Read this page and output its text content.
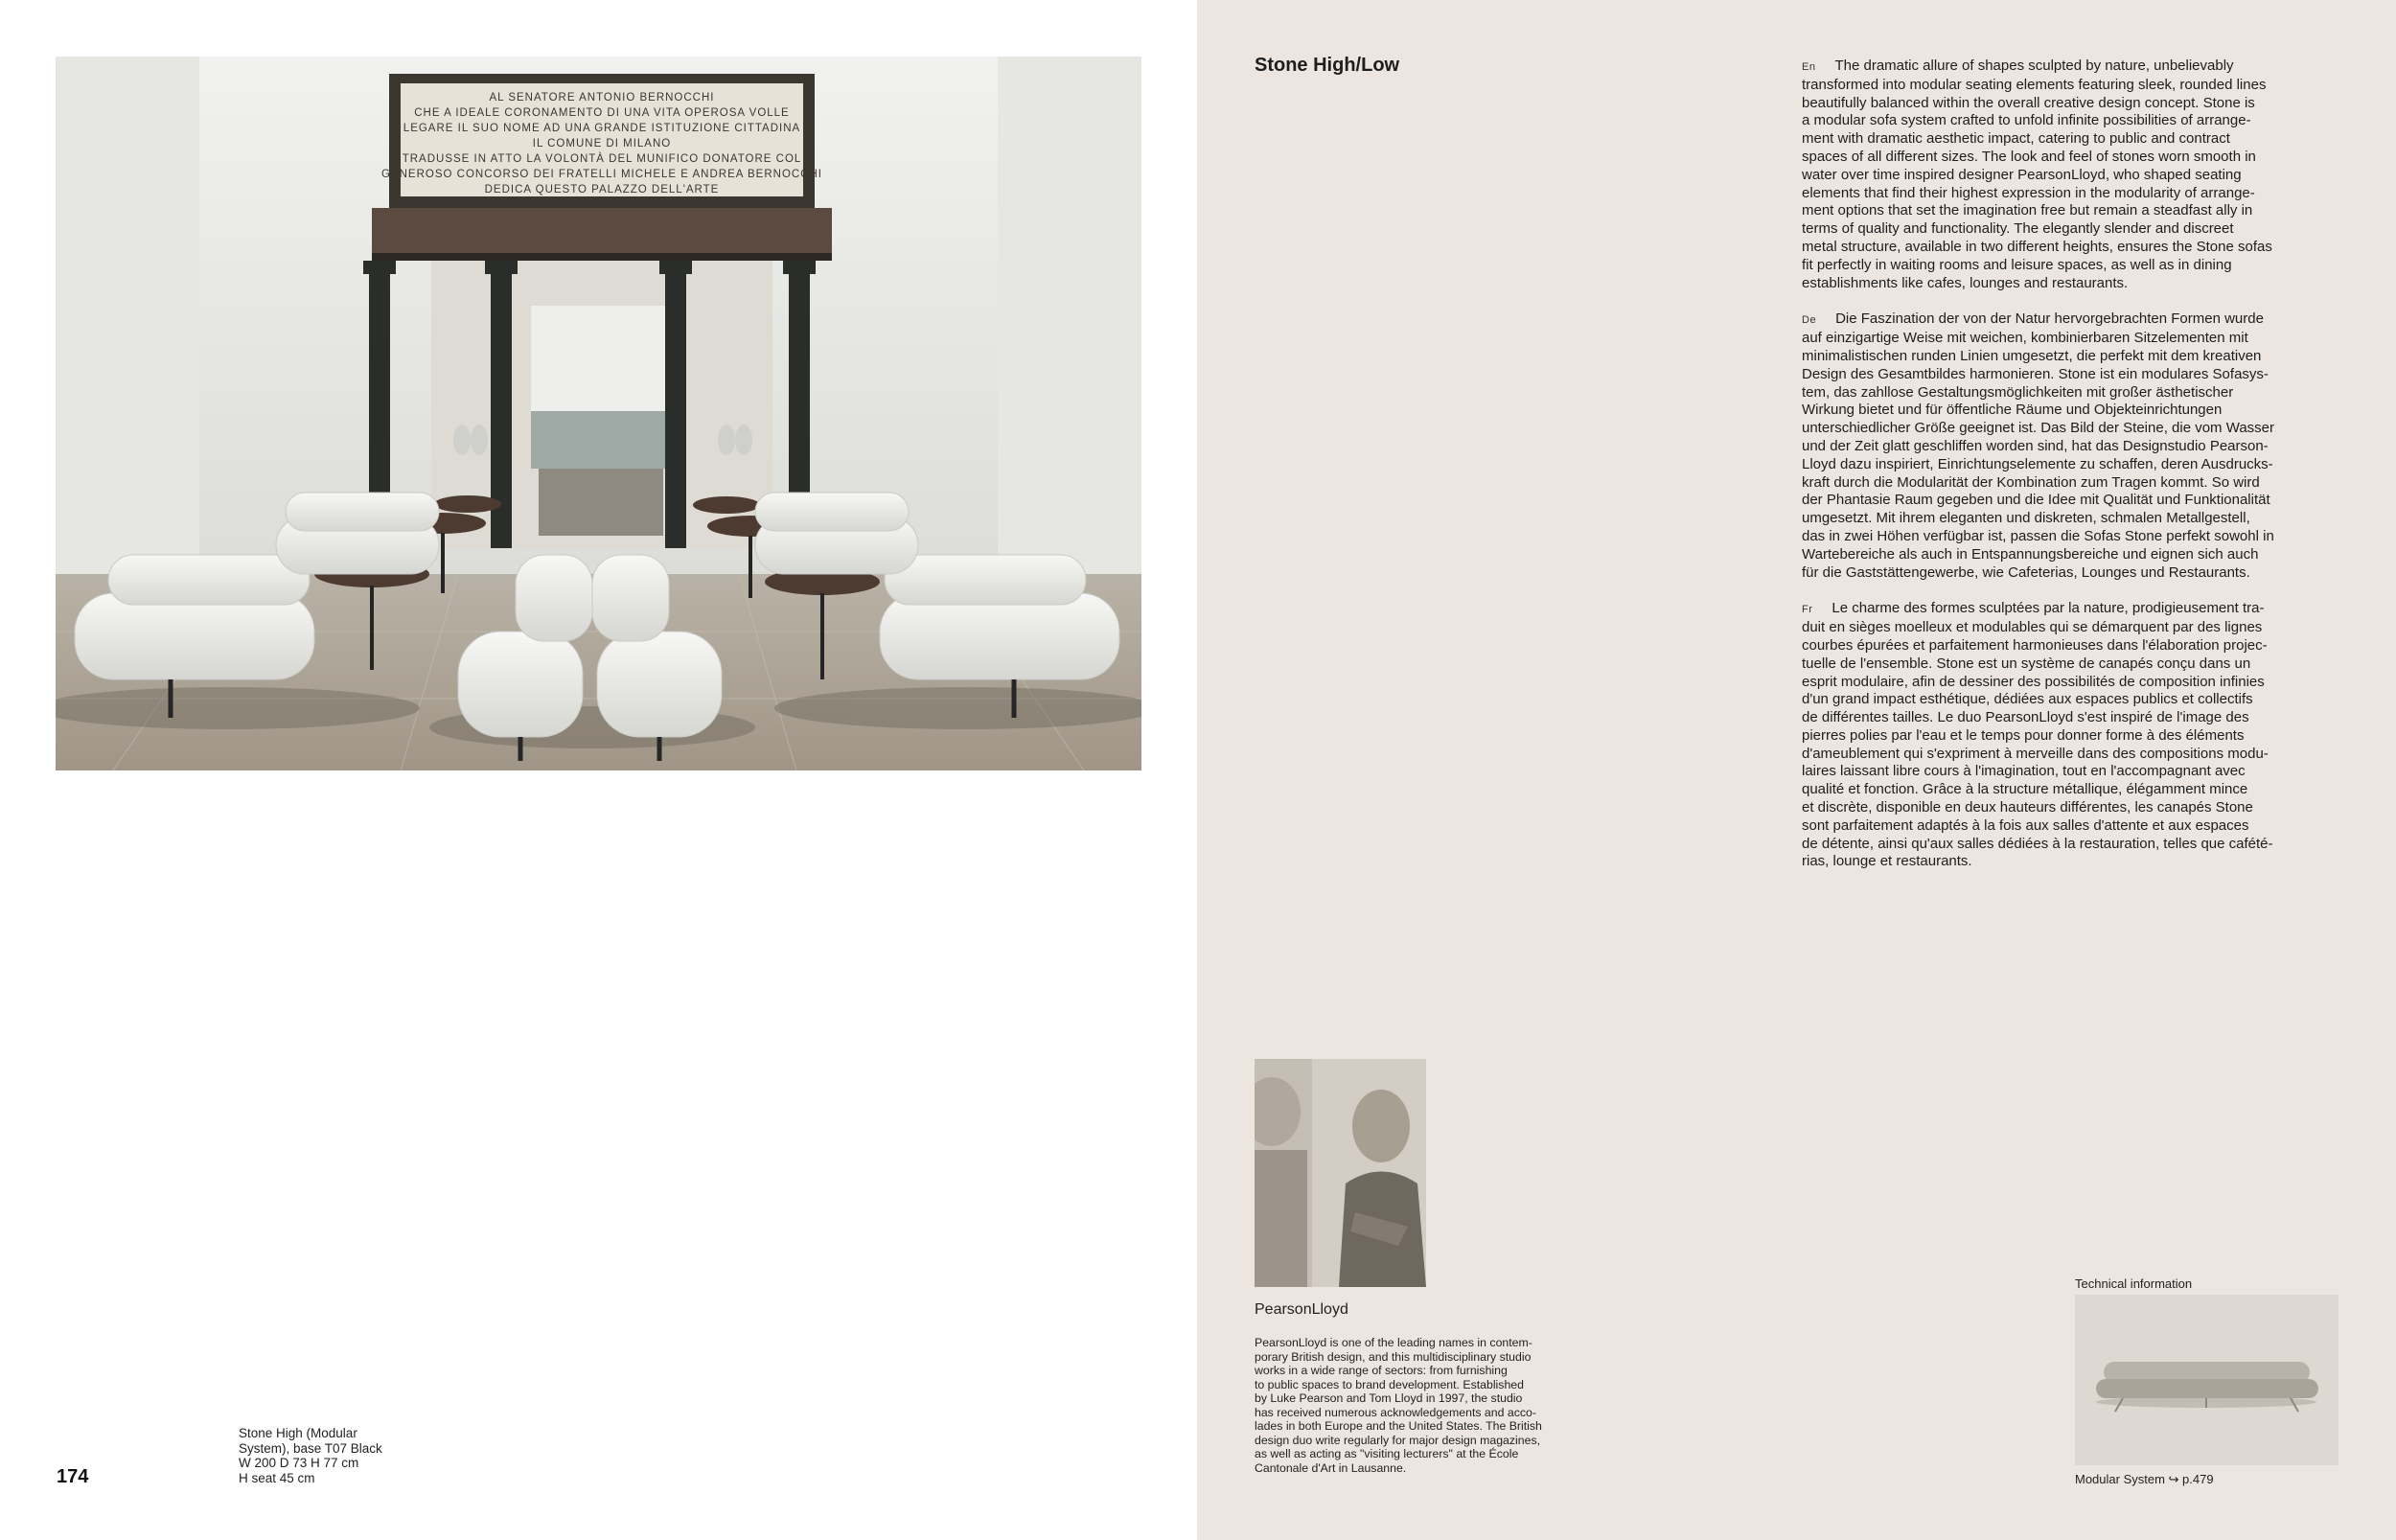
AL SENATORE ANTONIO BERNOCCHI
CHE A IDEALE CORONAMENTO DI UNA VITA OPEROSA VOLLE
LEGARE IL SUO NOME AD UNA GRANDE ISTITUZIONE CITTADINA
IL COMUNE DI MILANO
TRADUSSE IN ATTO LA VOLONTÀ DEL MUNIFICO DONATORE COL
GENEROSO CONCORSO DEI FRATELLI MICHELE E ANDREA BERNOCCHI
DEDICA QUESTO PALAZZO DELL'ARTE
Stone High (Modular
System), base T07 Black
W 200 D 73 H 77 cm
H seat 45 cm
174
Stone High/Low	En The dramatic allure of shapes sculpted by nature, unbelievably
transformed into modular seating elements featuring sleek, rounded lines
beautifully balanced within the overall creative design concept. Stone is
a modular sofa system crafted to unfold infinite possibilities of arrange-
ment with dramatic aesthetic impact, catering to public and contract
spaces of all different sizes. The look and feel of stones worn smooth in
water over time inspired designer PearsonLloyd, who shaped seating
elements that find their highest expression in the modularity of arrange-
ment options that set the imagination free but remain a steadfast ally in
terms of quality and functionality. The elegantly slender and discreet
metal structure, available in two different heights, ensures the Stone sofas
fit perfectly in waiting rooms and leisure spaces, as well as in dining
establishments like cafes, lounges and restaurants.

De Die Faszination der von der Natur hervorgebrachten Formen wurde
auf einzigartige Weise mit weichen, kombinierbaren Sitzelementen mit
minimalistischen runden Linien umgesetzt, die perfekt mit dem kreativen
Design des Gesamtbildes harmonieren. Stone ist ein modulares Sofasys-
tem, das zahllose Gestaltungsmöglichkeiten mit großer ästhetischer
Wirkung bietet und für öffentliche Räume und Objekteinrichtungen
unterschiedlicher Größe geeignet ist. Das Bild der Steine, die vom Wasser
und der Zeit glatt geschliffen worden sind, hat das Designstudio Pearson-
Lloyd dazu inspiriert, Einrichtungselemente zu schaffen, deren Ausdrucks-
kraft durch die Modularität der Kombination zum Tragen kommt. So wird
der Phantasie Raum gegeben und die Idee mit Qualität und Funktionalität
umgesetzt. Mit ihrem eleganten und diskreten, schmalen Metallgestell,
das in zwei Höhen verfügbar ist, passen die Sofas Stone perfekt sowohl in
Wartebereiche als auch in Entspannungsbereiche und eignen sich auch
für die Gaststättengewerbe, wie Cafeterias, Lounges und Restaurants.

Fr Le charme des formes sculptées par la nature, prodigieusement tra-
duit en sièges moelleux et modulables qui se démarquent par des lignes
courbes épurées et parfaitement harmonieuses dans l'élaboration projec-
tuelle de l'ensemble. Stone est un système de canapés conçu dans un
esprit modulaire, afin de dessiner des possibilités de composition infinies
d'un grand impact esthétique, dédiées aux espaces publics et collectifs
de différentes tailles. Le duo PearsonLloyd s'est inspiré de l'image des
pierres polies par l'eau et le temps pour donner forme à des éléments
d'ameublement qui s'expriment à merveille dans des compositions modu-
laires laissant libre cours à l'imagination, tout en l'accompagnant avec
qualité et fonction. Grâce à la structure métallique, élégamment mince
et discrète, disponible en deux hauteurs différentes, les canapés Stone
sont parfaitement adaptés à la fois aux salles d'attente et aux espaces
de détente, ainsi qu'aux salles dédiées à la restauration, telles que cafété-
rias, lounge et restaurants.

PearsonLloyd
PearsonLloyd is one of the leading names in contem-
porary British design, and this multidisciplinary studio
works in a wide range of sectors: from furnishing
to public spaces to brand development. Established
by Luke Pearson and Tom Lloyd in 1997, the studio
has received numerous acknowledgements and acco-
lades in both Europe and the United States. The British
design duo write regularly for major design magazines,
as well as acting as "visiting lecturers" at the École
Cantonale d'Art in Lausanne.
Technical information
Modular System ↪ p.479
